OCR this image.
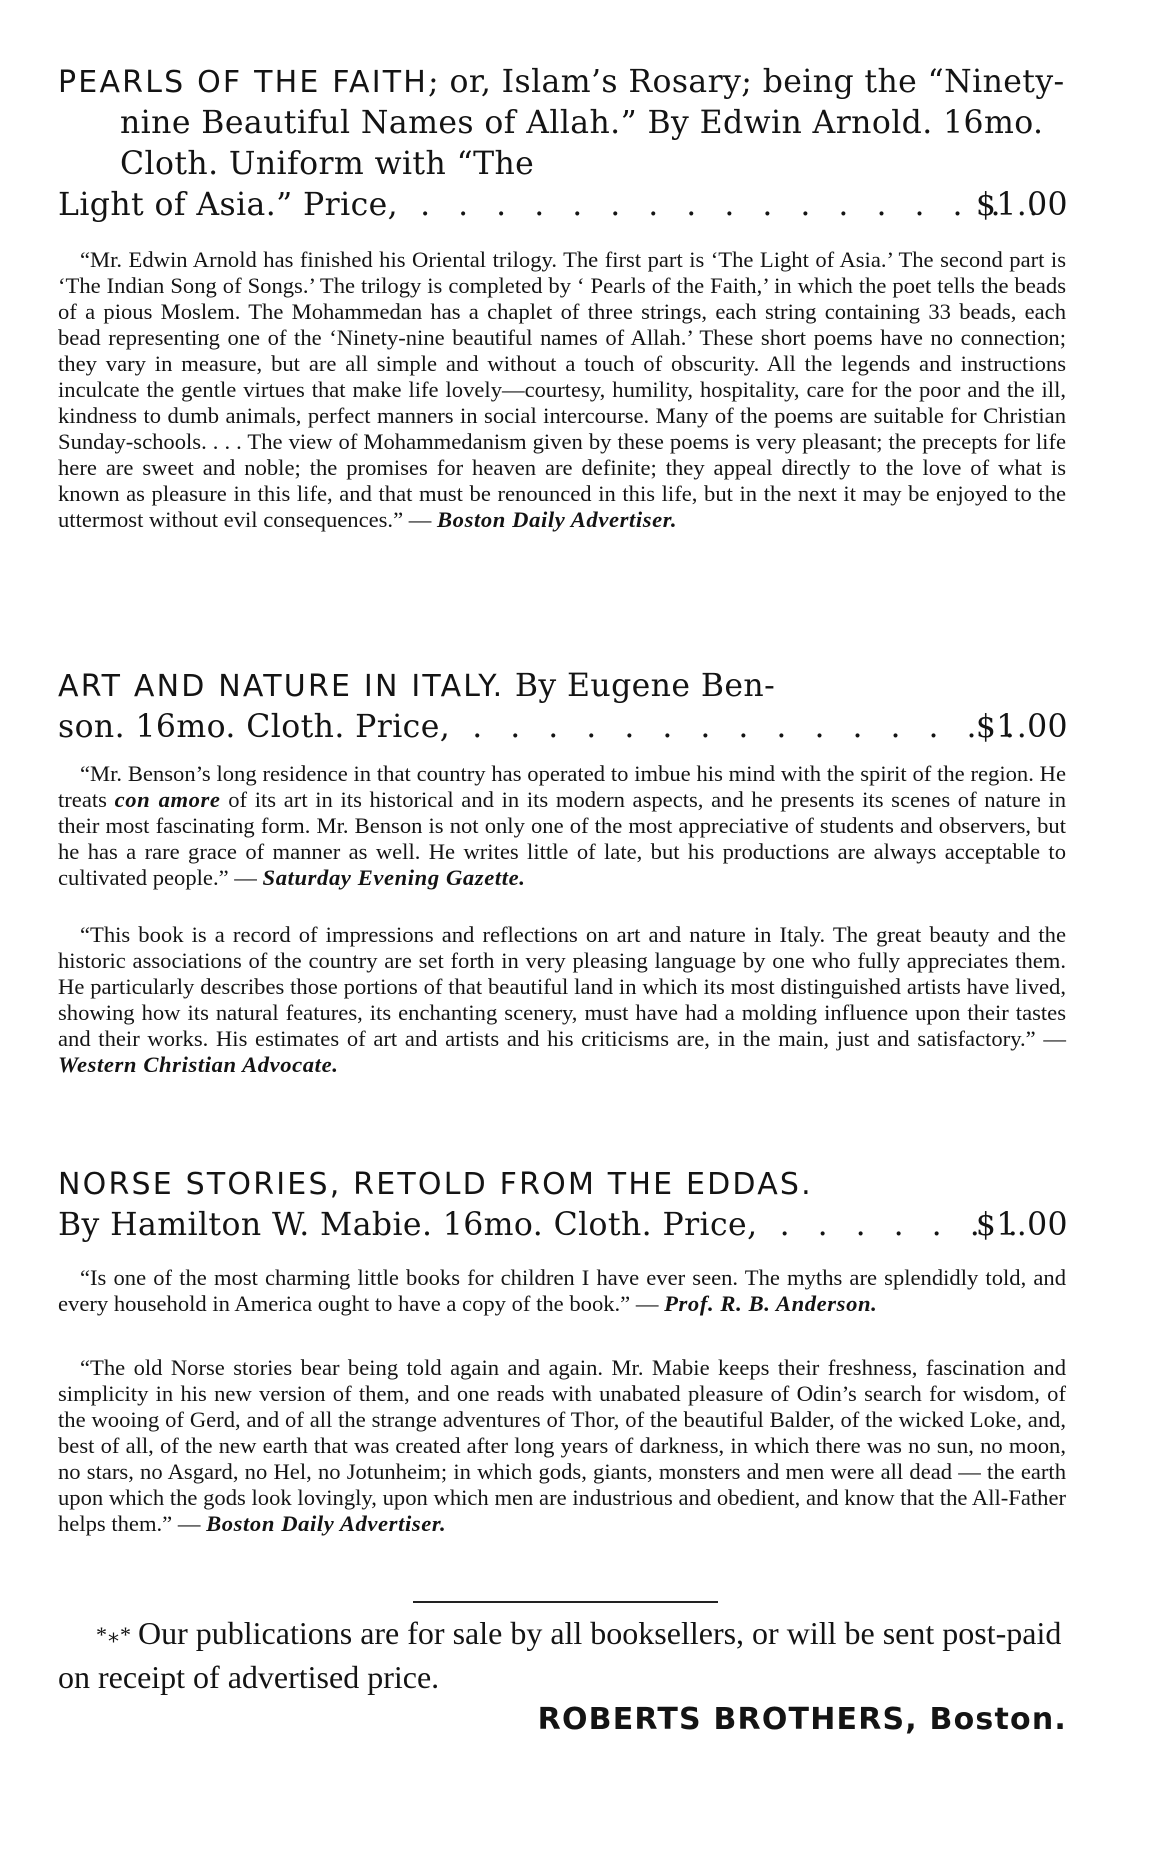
PEARLS OF THE FAITH; or, Islam’s Rosary; being the “Ninety-nine Beautiful Names of Allah.” By Edwin Arnold. 16mo. Cloth. Uniform with “The
Light of Asia.” Price, . . .	$1.00

“Mr. Edwin Arnold has finished his Oriental trilogy. The first part is ‘The Light of Asia.’ The second part is ‘The Indian Song of Songs.’ The trilogy is completed by ‘ Pearls of the Faith,’ in which the poet tells the beads of a pious Moslem. The Mohammedan has a chaplet of three strings, each string containing 33 beads, each bead representing one of the ‘Ninety-nine beautiful names of Allah.’ These short poems have no connection; they vary in measure, but are all simple and without a touch of obscurity. All the legends and instructions inculcate the gentle virtues that make life lovely—courtesy, humility, hospitality, care for the poor and the ill, kindness to dumb animals, perfect manners in social intercourse. Many of the poems are suitable for Christian Sunday-schools. . . . The view of Mohammedanism given by these poems is very pleasant; the precepts for life here are sweet and noble; the promises for heaven are definite; they appeal directly to the love of what is known as pleasure in this life, and that must be renounced in this life, but in the next it may be enjoyed to the uttermost without evil consequences.” — Boston Daily Advertiser.

ART AND NATURE IN ITALY. By Eugene Ben-
son. 16mo. Cloth. Price, . . .	$1.00

“Mr. Benson’s long residence in that country has operated to imbue his mind with the spirit of the region. He treats con amore of its art in its historical and in its modern aspects, and he presents its scenes of nature in their most fascinating form. Mr. Benson is not only one of the most appreciative of students and observers, but he has a rare grace of manner as well. He writes little of late, but his productions are always acceptable to cultivated people.” — Saturday Evening Gazette.

“This book is a record of impressions and reflections on art and nature in Italy. The great beauty and the historic associations of the country are set forth in very pleasing language by one who fully appreciates them. He particularly describes those portions of that beautiful land in which its most distinguished artists have lived, showing how its natural features, its enchanting scenery, must have had a molding influence upon their tastes and their works. His estimates of art and artists and his criticisms are, in the main, just and satisfactory.” — Western Christian Advocate.

NORSE STORIES, RETOLD FROM THE EDDAS.
By Hamilton W. Mabie. 16mo. Cloth. Price, . . .	$1.00

“Is one of the most charming little books for children I have ever seen. The myths are splendidly told, and every household in America ought to have a copy of the book.” — Prof. R. B. Anderson.

“The old Norse stories bear being told again and again. Mr. Mabie keeps their freshness, fascination and simplicity in his new version of them, and one reads with unabated pleasure of Odin’s search for wisdom, of the wooing of Gerd, and of all the strange adventures of Thor, of the beautiful Balder, of the wicked Loke, and, best of all, of the new earth that was created after long years of darkness, in which there was no sun, no moon, no stars, no Asgard, no Hel, no Jotunheim; in which gods, giants, monsters and men were all dead — the earth upon which the gods look lovingly, upon which men are industrious and obedient, and know that the All-Father helps them.” — Boston Daily Advertiser.

*⁎* Our publications are for sale by all booksellers, or will be sent post-paid on receipt of advertised price.
ROBERTS BROTHERS, Boston.
